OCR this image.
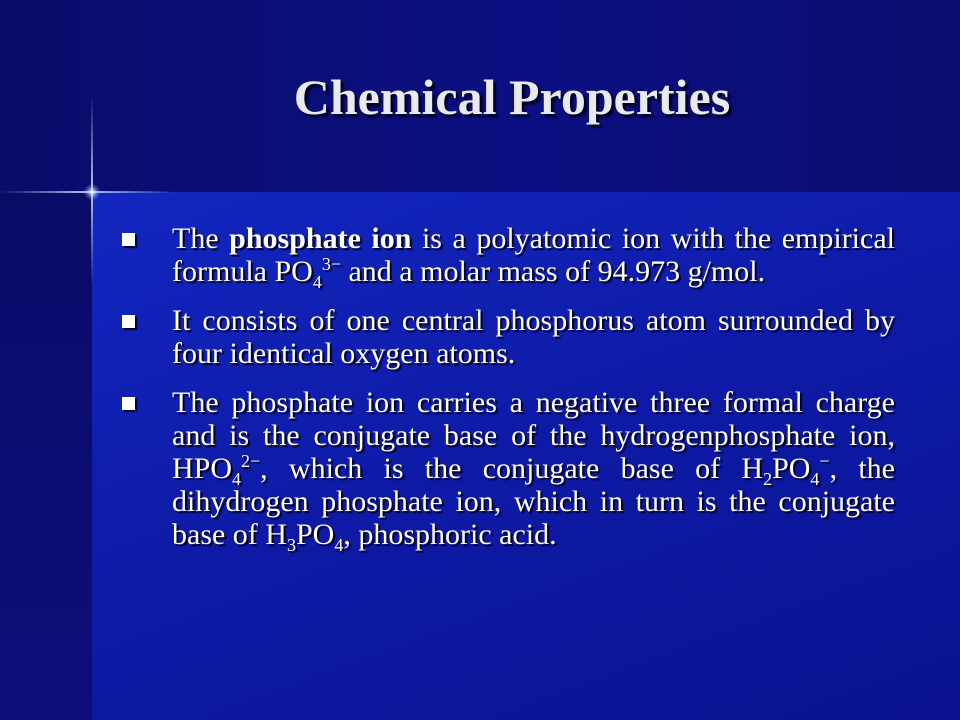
Chemical Properties
The phosphate ion is a polyatomic ion with the empirical formula $PO_4^{3-}$ and a molar mass of 94.973 g/mol.
It consists of one central phosphorus atom surrounded by four identical oxygen atoms.
The phosphate ion carries a negative three formal charge and is the conjugate base of the hydrogenphosphate ion, $HPO_4^{2-}$, which is the conjugate base of $H_2PO_4^-$, the dihydrogen phosphate ion, which in turn is the conjugate base of $H_3PO_4$, phosphoric acid.
